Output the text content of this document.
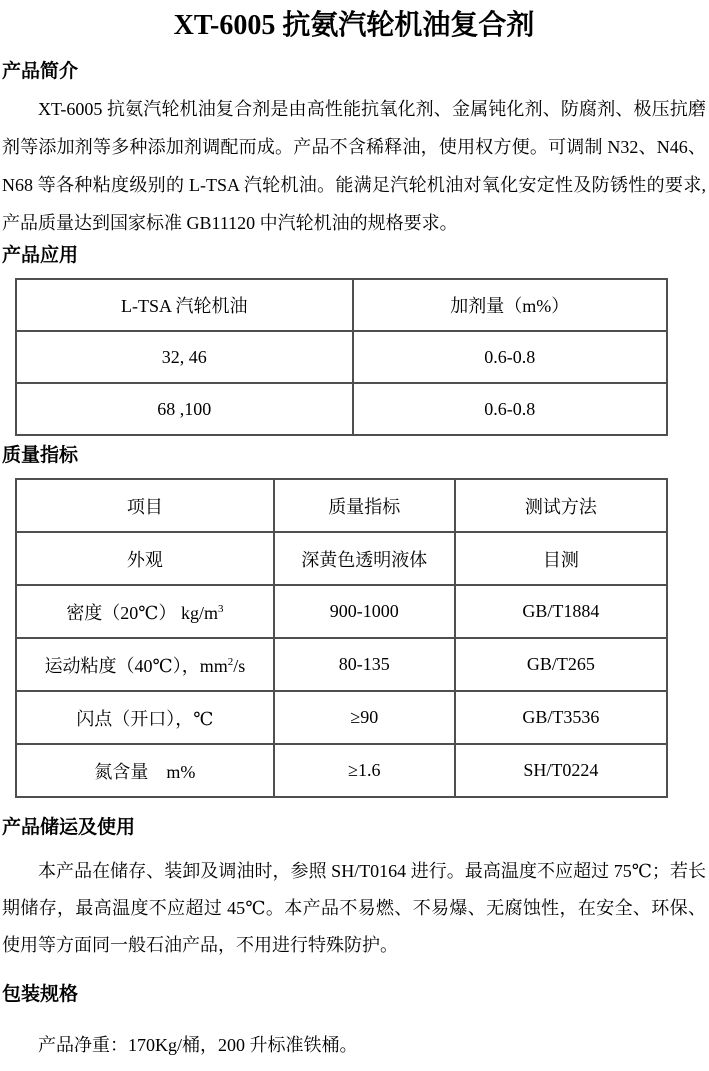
XT-6005 抗氨汽轮机油复合剂
产品简介

XT-6005 抗氨汽轮机油复合剂是由高性能抗氧化剂、金属钝化剂、防腐剂、极压抗磨剂等添加剂等多种添加剂调配而成。产品不含稀释油，使用权方便。可调制 N32、N46、N68 等各种粘度级别的 L-TSA 汽轮机油。能满足汽轮机油对氧化安定性及防锈性的要求,产品质量达到国家标准 GB11120 中汽轮机油的规格要求。

产品应用
L-TSA 汽轮机油	加剂量（m%）
32, 46	0.6-0.8
68 ,100	0.6-0.8
质量指标
项目	质量指标	测试方法
外观	深黄色透明液体	目测
密度（20℃） $kg/m^3$	900-1000	GB/T1884
运动粘度（40℃），$mm^2/s$	80-135	GB/T265
闪点（开口），℃	≥90	GB/T3536
氮含量　m%	≥1.6	SH/T0224
产品储运及使用

本产品在储存、装卸及调油时，参照 SH/T0164 进行。最高温度不应超过 75℃；若长期储存，最高温度不应超过 45℃。本产品不易燃、不易爆、无腐蚀性，在安全、环保、使用等方面同一般石油产品，不用进行特殊防护。

包装规格

产品净重：170Kg/桶，200 升标准铁桶。
